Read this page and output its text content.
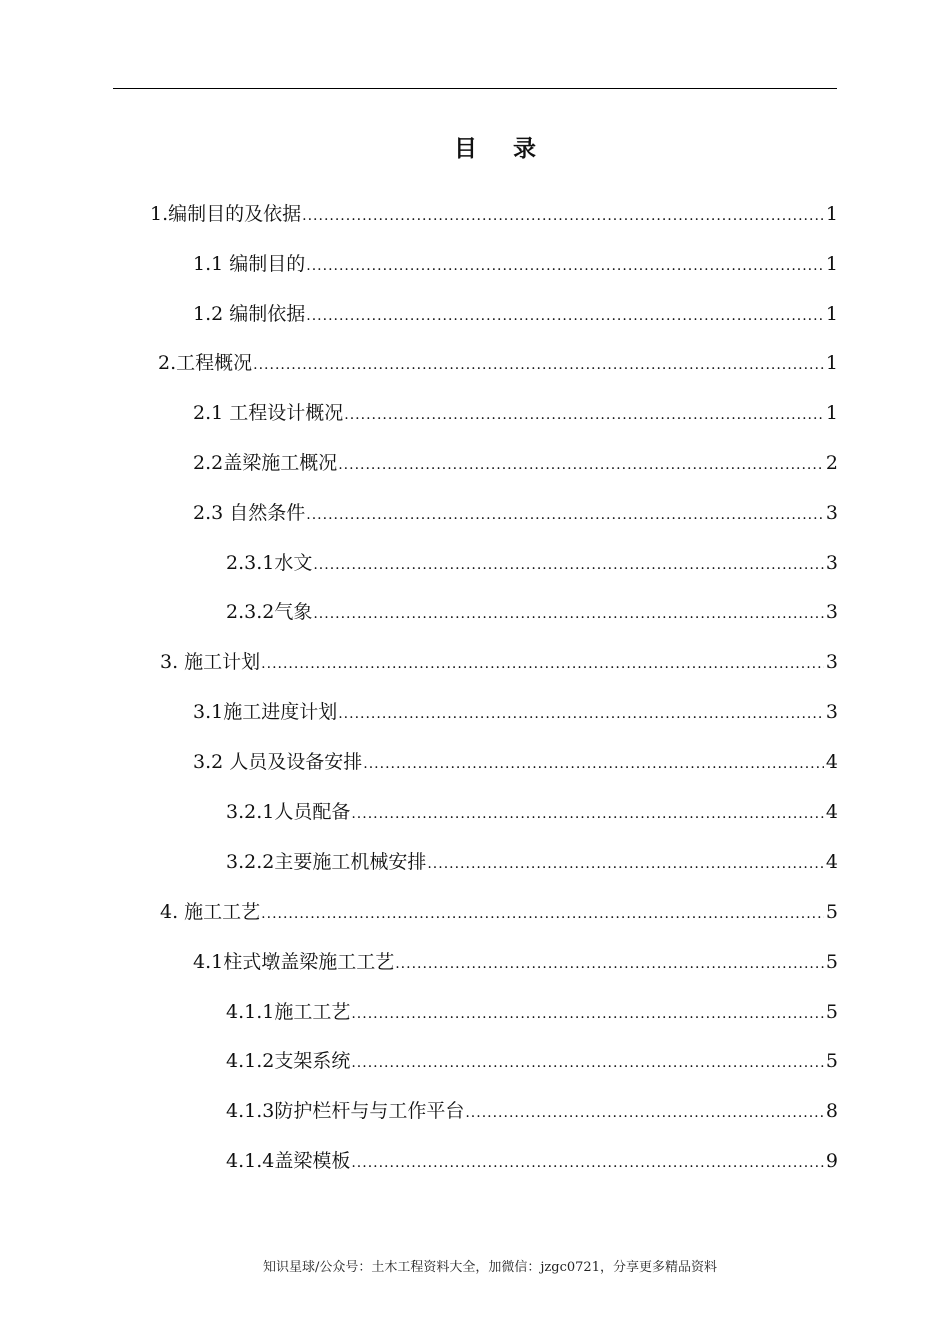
目 录
1.编制目的及依据 .....	1
1.1 编制目的 .....	1
1.2 编制依据 .....	1
2.工程概况 .....	1
2.1 工程设计概况 .....	1
2.2盖梁施工概况 .....	2
2.3 自然条件 .....	3
2.3.1水文 .....	3
2.3.2气象 .....	3
3. 施工计划 .....	3
3.1施工进度计划 .....	3
3.2 人员及设备安排 .....	4
3.2.1人员配备 .....	4
3.2.2主要施工机械安排 .....	4
4. 施工工艺 .....	5
4.1柱式墩盖梁施工工艺 .....	5
4.1.1施工工艺 .....	5
4.1.2支架系统 .....	5
4.1.3防护栏杆与与工作平台 .....	8
4.1.4盖梁模板 .....	9
知识星球/公众号：土木工程资料大全，加微信：jzgc0721，分享更多精品资料
